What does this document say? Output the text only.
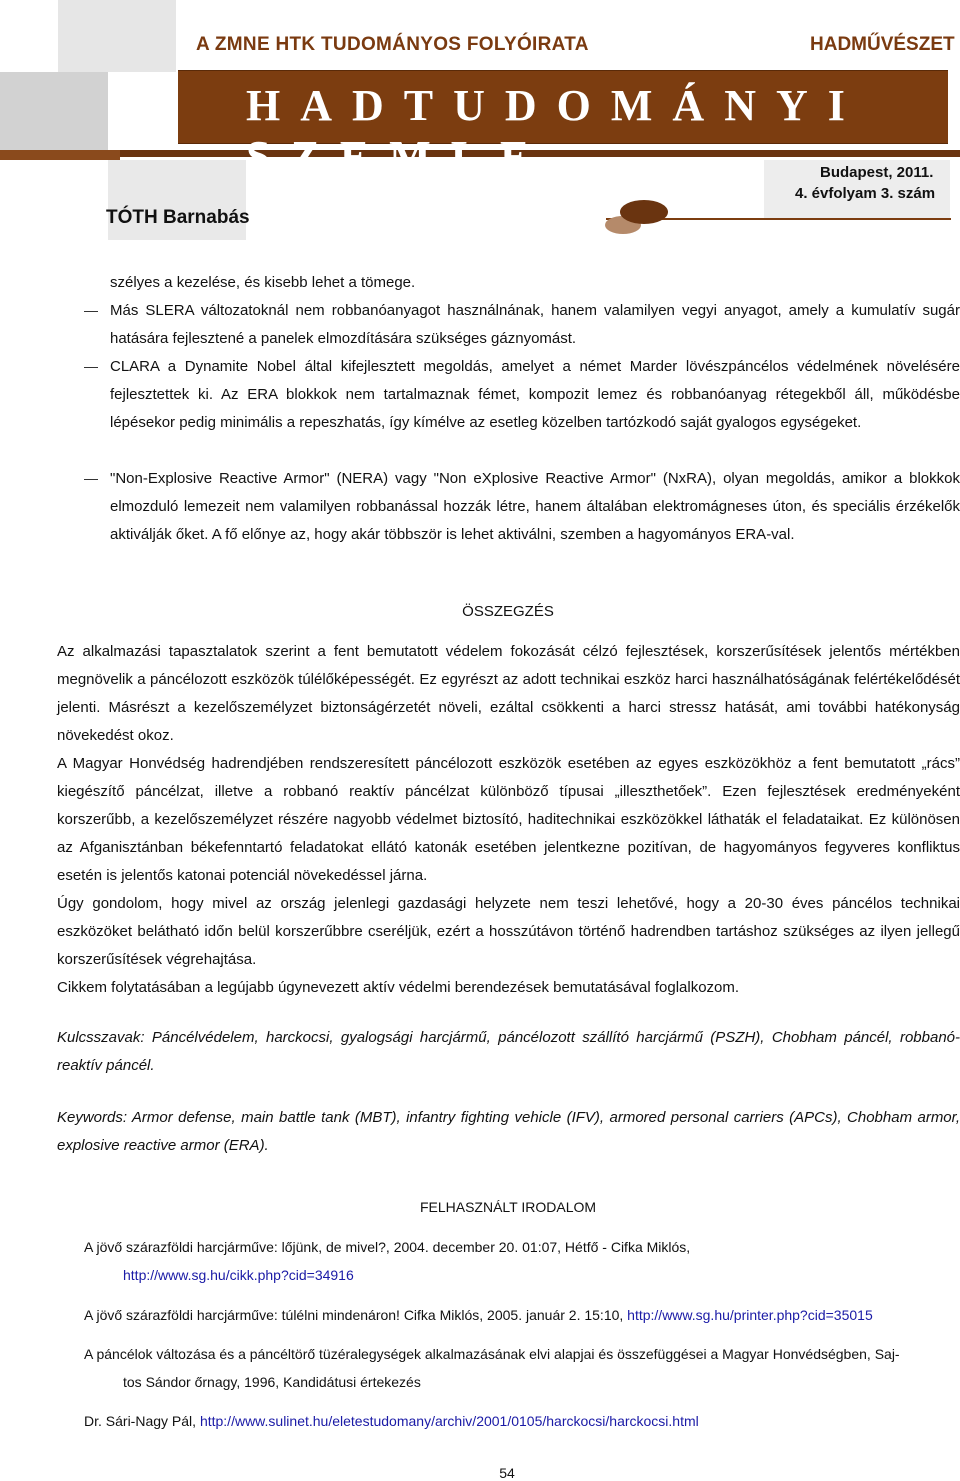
A ZMNE HTK TUDOMÁNYOS FOLYÓIRATA	HADMŰVÉSZET
HADTUDOMÁNYI SZEMLE	Budapest, 2011.
4. évfolyam 3. szám
TÓTH Barnabás
szélyes a kezelése, és kisebb lehet a tömege.
Más SLERA változatoknál nem robbanóanyagot használnának, hanem valamilyen vegyi anyagot, amely a kumulatív sugár hatására fejlesztené a panelek elmozdítására szükséges gáznyomást.
CLARA a Dynamite Nobel által kifejlesztett megoldás, amelyet a német Marder lövészpáncélos védelmének növelésére fejlesztettek ki. Az ERA blokkok nem tartalmaznak fémet, kompozit lemez és robbanóanyag rétegekből áll, működésbe lépésekor pedig minimális a repeszhatás, így kímélve az esetleg közelben tartózkodó saját gyalogos egységeket.
"Non-Explosive Reactive Armor" (NERA) vagy "Non eXplosive Reactive Armor" (NxRA), olyan megoldás, amikor a blokkok elmozduló lemezeit nem valamilyen robbanással hozzák létre, hanem általában elektromágneses úton, és speciális érzékelők aktiválják őket. A fő előnye az, hogy akár többször is lehet aktiválni, szemben a hagyományos ERA-val.
ÖSSZEGZÉS
Az alkalmazási tapasztalatok szerint a fent bemutatott védelem fokozását célzó fejlesztések, korszerűsítések jelentős mértékben megnövelik a páncélozott eszközök túlélőképességét. Ez egyrészt az adott technikai eszköz harci használhatóságának felértékelődését jelenti. Másrészt a kezelőszemélyzet biztonságérzetét növeli, ezáltal csökkenti a harci stressz hatását, ami további hatékonyság növekedést okoz.
A Magyar Honvédség hadrendjében rendszeresített páncélozott eszközök esetében az egyes eszközökhöz a fent bemutatott „rács” kiegészítő páncélzat, illetve a robbanó reaktív páncélzat különböző típusai „illeszthetőek”. Ezen fejlesztések eredményeként korszerűbb, a kezelőszemélyzet részére nagyobb védelmet biztosító, haditechnikai eszközökkel láthaták el feladataikat. Ez különösen az Afganisztánban békefenntartó feladatokat ellátó katonák esetében jelentkezne pozitívan, de hagyományos fegyveres konfliktus esetén is jelentős katonai potenciál növekedéssel járna.
Úgy gondolom, hogy mivel az ország jelenlegi gazdasági helyzete nem teszi lehetővé, hogy a 20-30 éves páncélos technikai eszközöket belátható időn belül korszerűbbre cseréljük, ezért a hosszútávon történő hadrendben tartáshoz szükséges az ilyen jellegű korszerűsítések végrehajtása.
Cikkem folytatásában a legújabb úgynevezett aktív védelmi berendezések bemutatásával foglalkozom.
Kulcsszavak: Páncélvédelem, harckocsi, gyalogsági harcjármű, páncélozott szállító harcjármű (PSZH), Chobham páncél, robbanó-reaktív páncél.
Keywords: Armor defense, main battle tank (MBT), infantry fighting vehicle (IFV), armored personal carriers (APCs), Chobham armor, explosive reactive armor (ERA).
FELHASZNÁLT IRODALOM
A jövő szárazföldi harcjárműve: lőjünk, de mivel?, 2004. december 20. 01:07, Hétfő - Cifka Miklós,
http://www.sg.hu/cikk.php?cid=34916
A jövő szárazföldi harcjárműve: túlélni mindenáron! Cifka Miklós, 2005. január 2. 15:10, http://www.sg.hu/printer.php?cid=35015
A páncélok változása és a páncéltörő tüzéralegységek alkalmazásának elvi alapjai és összefüggései a Magyar Honvédségben, Saj-
tos Sándor őrnagy, 1996, Kandidátusi értekezés
Dr. Sári-Nagy Pál, http://www.sulinet.hu/eletestudomany/archiv/2001/0105/harckocsi/harckocsi.html
54
